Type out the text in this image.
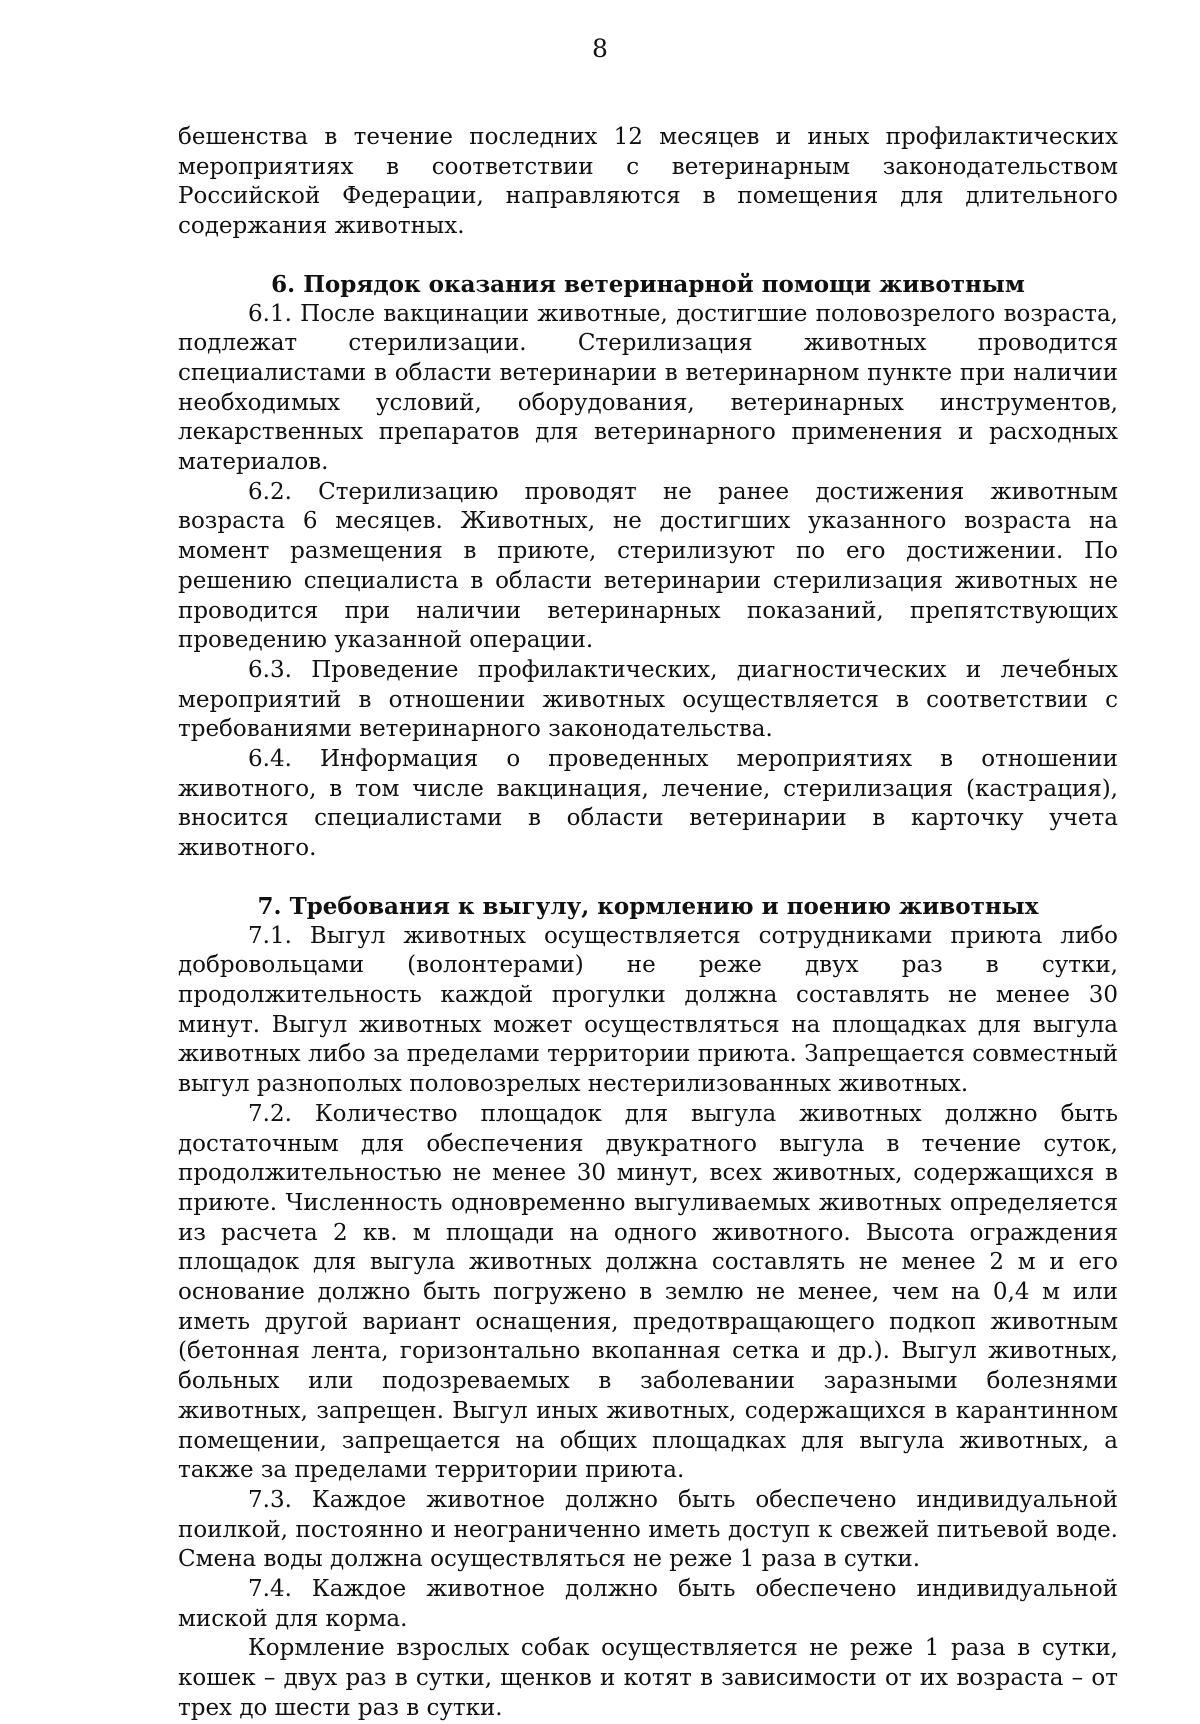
8

бешенства в течение последних 12 месяцев и иных профилактических мероприятиях в соответствии с ветеринарным законодательством Российской Федерации, направляются в помещения для длительного содержания животных.

6. Порядок оказания ветеринарной помощи животным

6.1. После вакцинации животные, достигшие половозрелого возраста, подлежат стерилизации. Стерилизация животных проводится специалистами в области ветеринарии в ветеринарном пункте при наличии необходимых условий, оборудования, ветеринарных инструментов, лекарственных препаратов для ветеринарного применения и расходных материалов.

6.2. Стерилизацию проводят не ранее достижения животным возраста 6 месяцев. Животных, не достигших указанного возраста на момент размещения в приюте, стерилизуют по его достижении. По решению специалиста в области ветеринарии стерилизация животных не проводится при наличии ветеринарных показаний, препятствующих проведению указанной операции.

6.3. Проведение профилактических, диагностических и лечебных мероприятий в отношении животных осуществляется в соответствии с требованиями ветеринарного законодательства.

6.4. Информация о проведенных мероприятиях в отношении животного, в том числе вакцинация, лечение, стерилизация (кастрация), вносится специалистами в области ветеринарии в карточку учета животного.

7. Требования к выгулу, кормлению и поению животных

7.1. Выгул животных осуществляется сотрудниками приюта либо добровольцами (волонтерами) не реже двух раз в сутки, продолжительность каждой прогулки должна составлять не менее 30 минут. Выгул животных может осуществляться на площадках для выгула животных либо за пределами территории приюта. Запрещается совместный выгул разнополых половозрелых нестерилизованных животных.

7.2. Количество площадок для выгула животных должно быть достаточным для обеспечения двукратного выгула в течение суток, продолжительностью не менее 30 минут, всех животных, содержащихся в приюте. Численность одновременно выгуливаемых животных определяется из расчета 2 кв. м площади на одного животного. Высота ограждения площадок для выгула животных должна составлять не менее 2 м и его основание должно быть погружено в землю не менее, чем на 0,4 м или иметь другой вариант оснащения, предотвращающего подкоп животным (бетонная лента, горизонтально вкопанная сетка и др.). Выгул животных, больных или подозреваемых в заболевании заразными болезнями животных, запрещен. Выгул иных животных, содержащихся в карантинном помещении, запрещается на общих площадках для выгула животных, а также за пределами территории приюта.

7.3. Каждое животное должно быть обеспечено индивидуальной поилкой, постоянно и неограниченно иметь доступ к свежей питьевой воде. Смена воды должна осуществляться не реже 1 раза в сутки.

7.4. Каждое животное должно быть обеспечено индивидуальной миской для корма.

Кормление взрослых собак осуществляется не реже 1 раза в сутки, кошек – двух раз в сутки, щенков и котят в зависимости от их возраста – от трех до шести раз в сутки.
